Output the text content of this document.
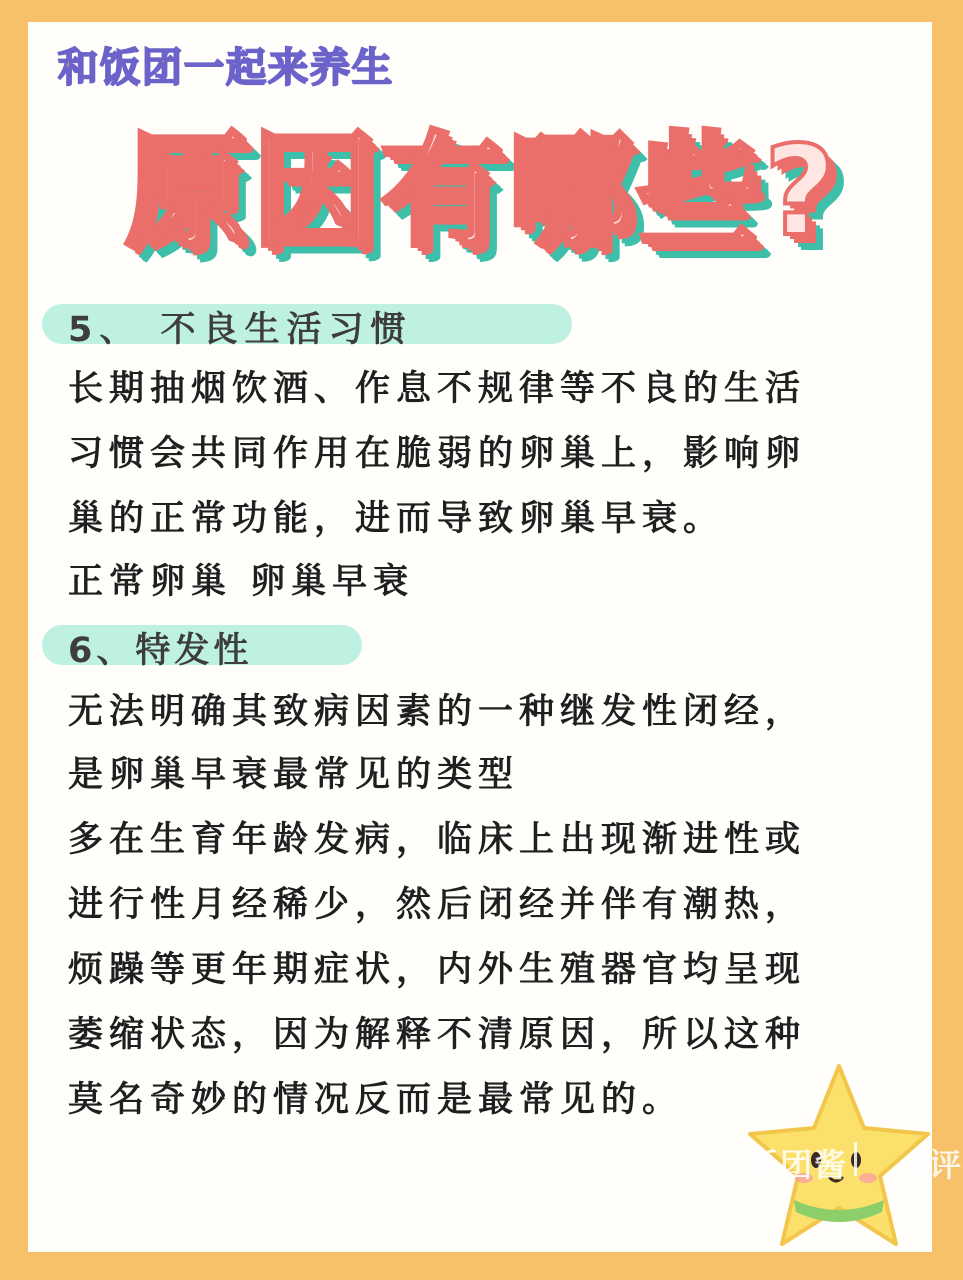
和饭团一起来养生
原因有哪些?
5、 不良生活习惯
长期抽烟饮酒、作息不规律等不良的生活
习惯会共同作用在脆弱的卵巢上，影响卵
巢的正常功能，进而导致卵巢早衰。
正常卵巢 卵巢早衰
6、特发性
无法明确其致病因素的一种继发性闭经，
是卵巢早衰最常见的类型
多在生育年龄发病，临床上出现渐进性或
进行性月经稀少，然后闭经并伴有潮热，
烦躁等更年期症状，内外生殖器官均呈现
萎缩状态，因为解释不清原因，所以这种
莫名奇妙的情况反而是最常见的。
饭团酱 Ⅱ评
